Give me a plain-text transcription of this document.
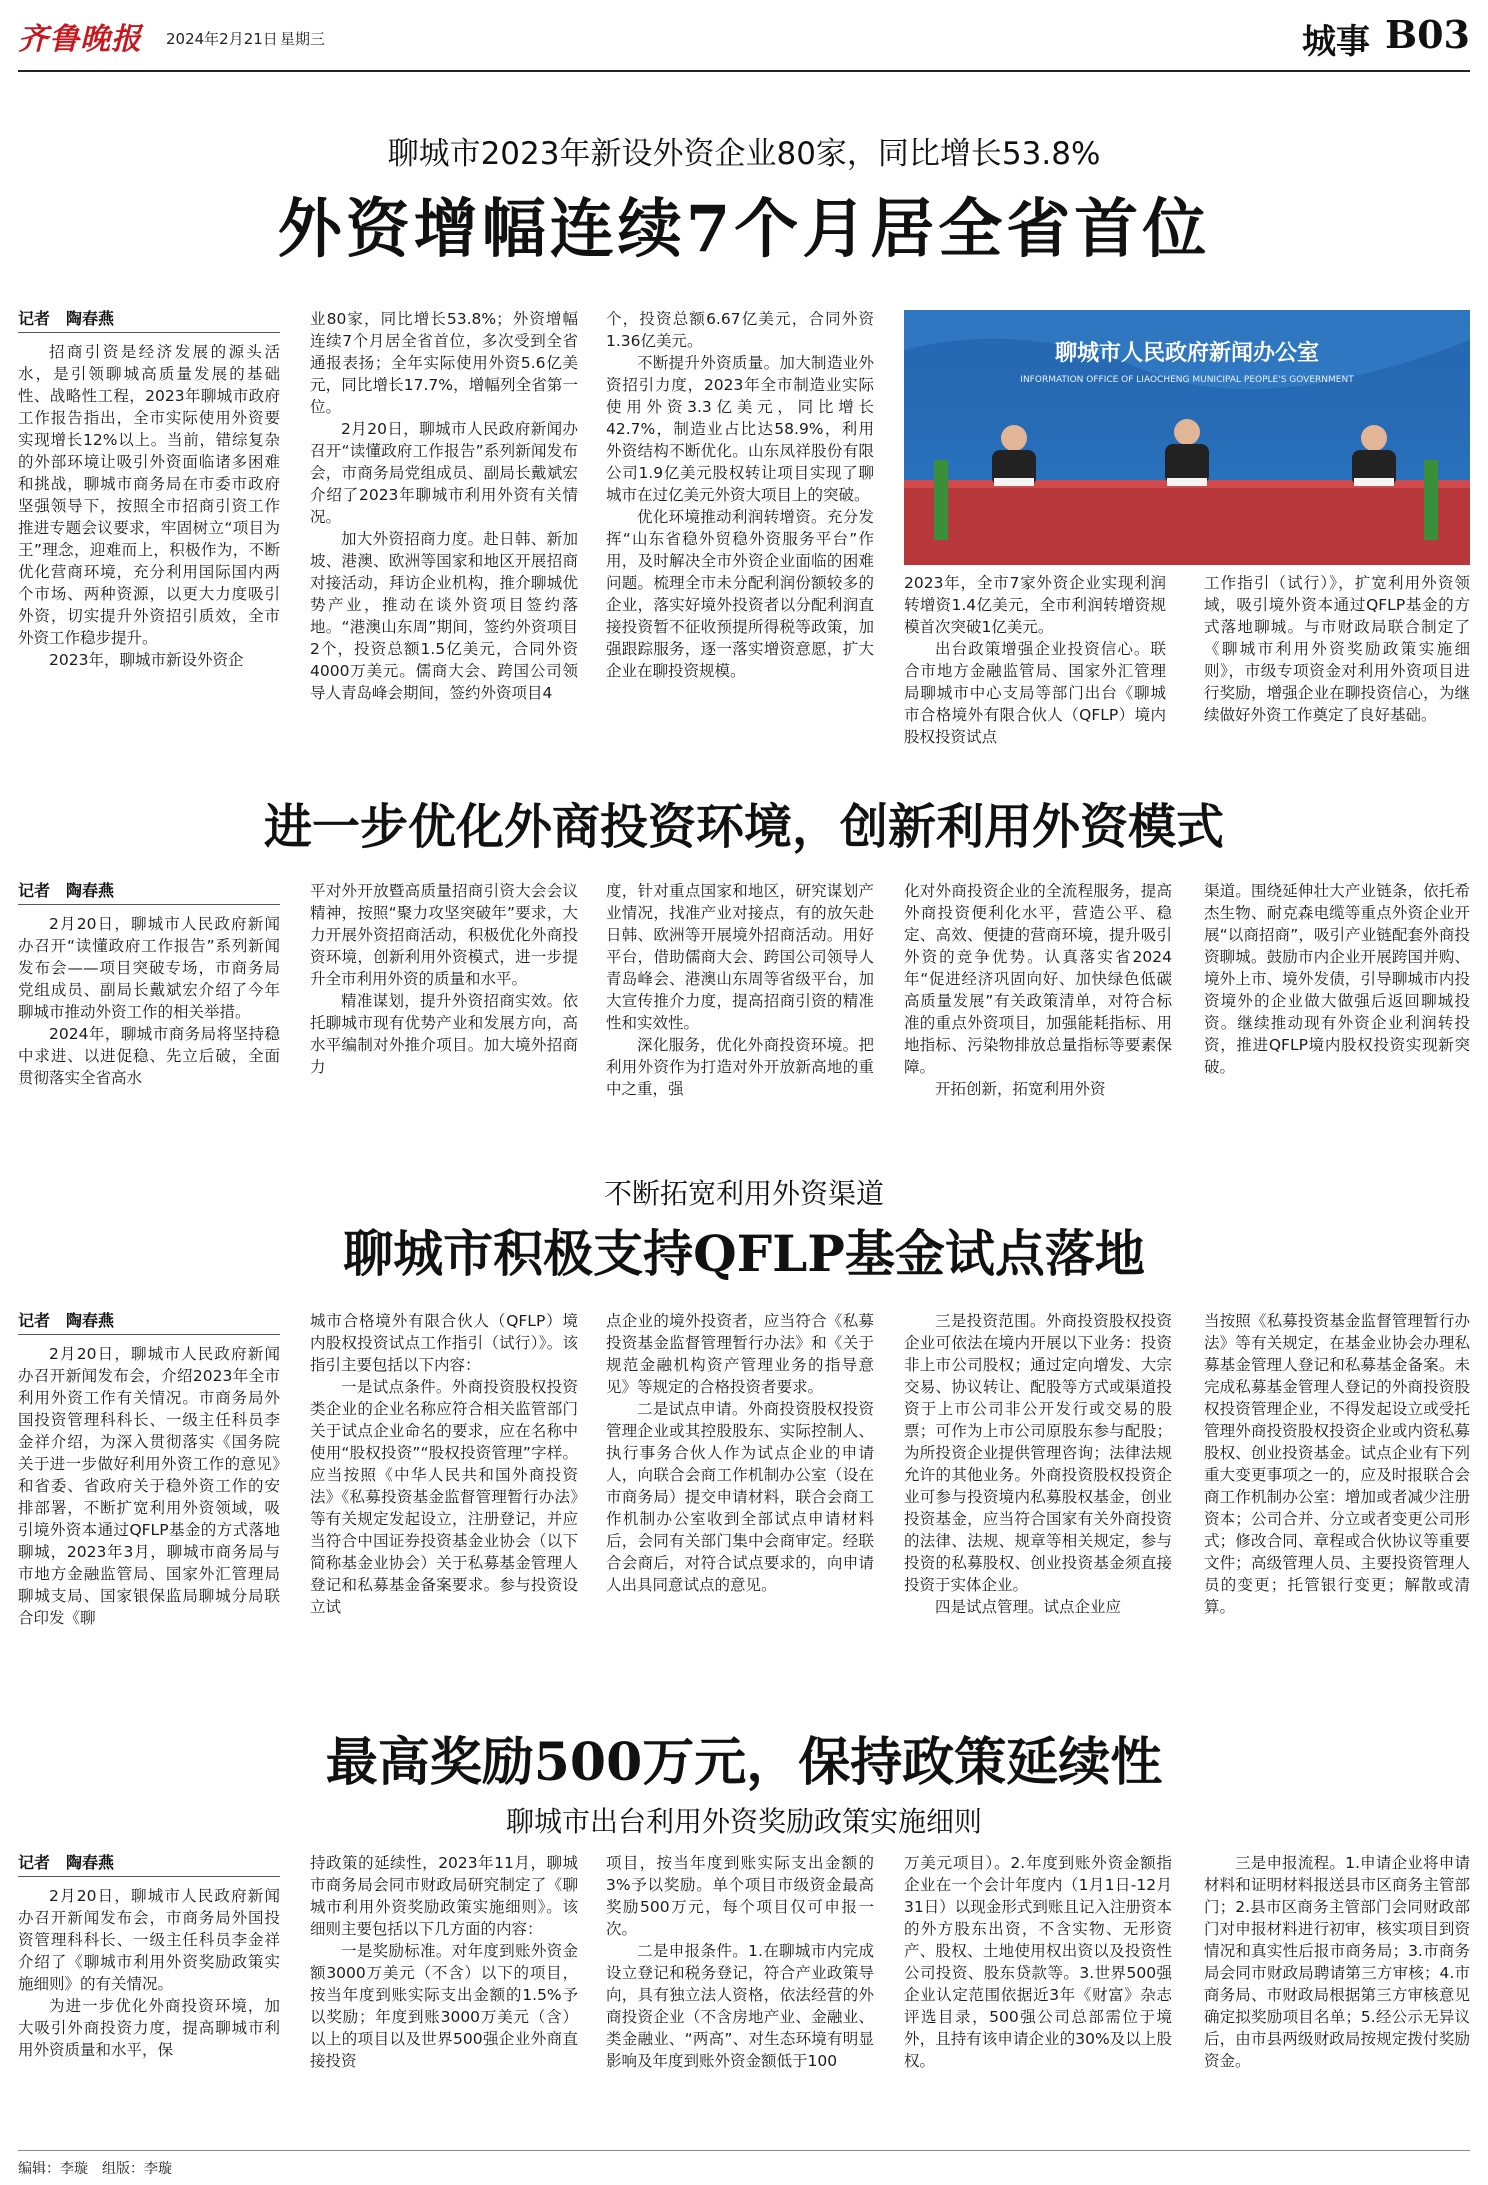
齐鲁晚报 2024年2月21日 星期三	城事 B03
聊城市2023年新设外资企业80家，同比增长53.8%
外资增幅连续7个月居全省首位
记者　陶春燕

招商引资是经济发展的源头活水，是引领聊城高质量发展的基础性、战略性工程，2023年聊城市政府工作报告指出，全市实际使用外资要实现增长12%以上。当前，错综复杂的外部环境让吸引外资面临诸多困难和挑战，聊城市商务局在市委市政府坚强领导下，按照全市招商引资工作推进专题会议要求，牢固树立“项目为王”理念，迎难而上，积极作为，不断优化营商环境，充分利用国际国内两个市场、两种资源，以更大力度吸引外资，切实提升外资招引质效，全市外资工作稳步提升。

2023年，聊城市新设外资企

业80家，同比增长53.8%；外资增幅连续7个月居全省首位，多次受到全省通报表扬；全年实际使用外资5.6亿美元，同比增长17.7%，增幅列全省第一位。

2月20日，聊城市人民政府新闻办召开“读懂政府工作报告”系列新闻发布会，市商务局党组成员、副局长戴斌宏介绍了2023年聊城市利用外资有关情况。

加大外资招商力度。赴日韩、新加坡、港澳、欧洲等国家和地区开展招商对接活动，拜访企业机构，推介聊城优势产业，推动在谈外资项目签约落地。“港澳山东周”期间，签约外资项目2个，投资总额1.5亿美元，合同外资4000万美元。儒商大会、跨国公司领导人青岛峰会期间，签约外资项目4

个，投资总额6.67亿美元，合同外资1.36亿美元。

不断提升外资质量。加大制造业外资招引力度，2023年全市制造业实际使用外资3.3亿美元，同比增长42.7%，制造业占比达58.9%，利用外资结构不断优化。山东凤祥股份有限公司1.9亿美元股权转让项目实现了聊城市在过亿美元外资大项目上的突破。

优化环境推动利润转增资。充分发挥“山东省稳外贸稳外资服务平台”作用，及时解决全市外资企业面临的困难问题。梳理全市未分配利润份额较多的企业，落实好境外投资者以分配利润直接投资暂不征收预提所得税等政策，加强跟踪服务，逐一落实增资意愿，扩大企业在聊投资规模。

聊城市人民政府新闻办公室
INFORMATION OFFICE OF LIAOCHENG MUNICIPAL PEOPLE'S GOVERNMENT

2023年，全市7家外资企业实现利润转增资1.4亿美元，全市利润转增资规模首次突破1亿美元。

出台政策增强企业投资信心。联合市地方金融监管局、国家外汇管理局聊城市中心支局等部门出台《聊城市合格境外有限合伙人（QFLP）境内股权投资试点

工作指引（试行）》，扩宽利用外资领域，吸引境外资本通过QFLP基金的方式落地聊城。与市财政局联合制定了《聊城市利用外资奖励政策实施细则》，市级专项资金对利用外资项目进行奖励，增强企业在聊投资信心，为继续做好外资工作奠定了良好基础。

进一步优化外商投资环境，创新利用外资模式
记者　陶春燕

2月20日，聊城市人民政府新闻办召开“读懂政府工作报告”系列新闻发布会——项目突破专场，市商务局党组成员、副局长戴斌宏介绍了今年聊城市推动外资工作的相关举措。

2024年，聊城市商务局将坚持稳中求进、以进促稳、先立后破，全面贯彻落实全省高水

平对外开放暨高质量招商引资大会会议精神，按照“聚力攻坚突破年”要求，大力开展外资招商活动，积极优化外商投资环境，创新利用外资模式，进一步提升全市利用外资的质量和水平。

精准谋划，提升外资招商实效。依托聊城市现有优势产业和发展方向，高水平编制对外推介项目。加大境外招商力

度，针对重点国家和地区，研究谋划产业情况，找准产业对接点，有的放矢赴日韩、欧洲等开展境外招商活动。用好平台，借助儒商大会、跨国公司领导人青岛峰会、港澳山东周等省级平台，加大宣传推介力度，提高招商引资的精准性和实效性。

深化服务，优化外商投资环境。把利用外资作为打造对外开放新高地的重中之重，强

化对外商投资企业的全流程服务，提高外商投资便利化水平，营造公平、稳定、高效、便捷的营商环境，提升吸引外资的竞争优势。认真落实省2024年“促进经济巩固向好、加快绿色低碳高质量发展”有关政策清单，对符合标准的重点外资项目，加强能耗指标、用地指标、污染物排放总量指标等要素保障。

开拓创新，拓宽利用外资

渠道。围绕延伸壮大产业链条，依托希杰生物、耐克森电缆等重点外资企业开展“以商招商”，吸引产业链配套外商投资聊城。鼓励市内企业开展跨国并购、境外上市、境外发债，引导聊城市内投资境外的企业做大做强后返回聊城投资。继续推动现有外资企业利润转投资，推进QFLP境内股权投资实现新突破。

不断拓宽利用外资渠道
聊城市积极支持QFLP基金试点落地
记者　陶春燕

2月20日，聊城市人民政府新闻办召开新闻发布会，介绍2023年全市利用外资工作有关情况。市商务局外国投资管理科科长、一级主任科员李金祥介绍，为深入贯彻落实《国务院关于进一步做好利用外资工作的意见》和省委、省政府关于稳外资工作的安排部署，不断扩宽利用外资领域，吸引境外资本通过QFLP基金的方式落地聊城，2023年3月，聊城市商务局与市地方金融监管局、国家外汇管理局聊城支局、国家银保监局聊城分局联合印发《聊

城市合格境外有限合伙人（QFLP）境内股权投资试点工作指引（试行）》。该指引主要包括以下内容：

一是试点条件。外商投资股权投资类企业的企业名称应符合相关监管部门关于试点企业命名的要求，应在名称中使用“股权投资”“股权投资管理”字样。应当按照《中华人民共和国外商投资法》《私募投资基金监督管理暂行办法》等有关规定发起设立，注册登记，并应当符合中国证券投资基金业协会（以下简称基金业协会）关于私募基金管理人登记和私募基金备案要求。参与投资设立试

点企业的境外投资者，应当符合《私募投资基金监督管理暂行办法》和《关于规范金融机构资产管理业务的指导意见》等规定的合格投资者要求。

二是试点申请。外商投资股权投资管理企业或其控股股东、实际控制人、执行事务合伙人作为试点企业的申请人，向联合会商工作机制办公室（设在市商务局）提交申请材料，联合会商工作机制办公室收到全部试点申请材料后，会同有关部门集中会商审定。经联合会商后，对符合试点要求的，向申请人出具同意试点的意见。

三是投资范围。外商投资股权投资企业可依法在境内开展以下业务：投资非上市公司股权；通过定向增发、大宗交易、协议转让、配股等方式或渠道投资于上市公司非公开发行或交易的股票；可作为上市公司原股东参与配股；为所投资企业提供管理咨询；法律法规允许的其他业务。外商投资股权投资企业可参与投资境内私募股权基金，创业投资基金，应当符合国家有关外商投资的法律、法规、规章等相关规定，参与投资的私募股权、创业投资基金须直接投资于实体企业。

四是试点管理。试点企业应

当按照《私募投资基金监督管理暂行办法》等有关规定，在基金业协会办理私募基金管理人登记和私募基金备案。未完成私募基金管理人登记的外商投资股权投资管理企业，不得发起设立或受托管理外商投资股权投资企业或内资私募股权、创业投资基金。试点企业有下列重大变更事项之一的，应及时报联合会商工作机制办公室：增加或者减少注册资本；公司合并、分立或者变更公司形式；修改合同、章程或合伙协议等重要文件；高级管理人员、主要投资管理人员的变更；托管银行变更；解散或清算。

最高奖励500万元，保持政策延续性
聊城市出台利用外资奖励政策实施细则
记者　陶春燕

2月20日，聊城市人民政府新闻办召开新闻发布会，市商务局外国投资管理科科长、一级主任科员李金祥介绍了《聊城市利用外资奖励政策实施细则》的有关情况。

为进一步优化外商投资环境，加大吸引外商投资力度，提高聊城市利用外资质量和水平，保

持政策的延续性，2023年11月，聊城市商务局会同市财政局研究制定了《聊城市利用外资奖励政策实施细则》。该细则主要包括以下几方面的内容：

一是奖励标准。对年度到账外资金额3000万美元（不含）以下的项目，按当年度到账实际支出金额的1.5%予以奖励；年度到账3000万美元（含）以上的项目以及世界500强企业外商直接投资

项目，按当年度到账实际支出金额的3%予以奖励。单个项目市级资金最高奖励500万元，每个项目仅可申报一次。

二是申报条件。1.在聊城市内完成设立登记和税务登记，符合产业政策导向，具有独立法人资格，依法经营的外商投资企业（不含房地产业、金融业、类金融业、“两高”、对生态环境有明显影响及年度到账外资金额低于100

万美元项目）。2.年度到账外资金额指企业在一个会计年度内（1月1日-12月31日）以现金形式到账且记入注册资本的外方股东出资，不含实物、无形资产、股权、土地使用权出资以及投资性公司投资、股东贷款等。3.世界500强企业认定范围依据近3年《财富》杂志评选目录，500强公司总部需位于境外，且持有该申请企业的30%及以上股权。

三是申报流程。1.申请企业将申请材料和证明材料报送县市区商务主管部门；2.县市区商务主管部门会同财政部门对申报材料进行初审，核实项目到资情况和真实性后报市商务局；3.市商务局会同市财政局聘请第三方审核；4.市商务局、市财政局根据第三方审核意见确定拟奖励项目名单；5.经公示无异议后，由市县两级财政局按规定拨付奖励资金。

编辑：李璇　组版：李璇
